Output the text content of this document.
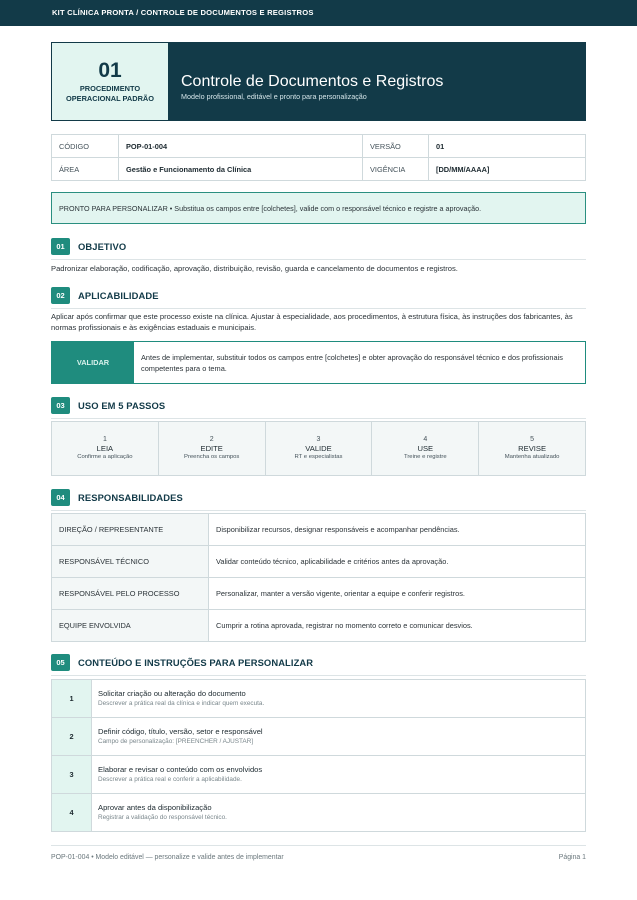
KIT CLÍNICA PRONTA / CONTROLE DE DOCUMENTOS E REGISTROS
01
PROCEDIMENTO
OPERACIONAL PADRÃO
Controle de Documentos e Registros
Modelo profissional, editável e pronto para personalização
CÓDIGO	POP-01-004	VERSÃO	01
ÁREA	Gestão e Funcionamento da Clínica	VIGÊNCIA	[DD/MM/AAAA]
PRONTO PARA PERSONALIZAR • Substitua os campos entre [colchetes], valide com o responsável técnico e registre a aprovação.
01	OBJETIVO
Padronizar elaboração, codificação, aprovação, distribuição, revisão, guarda e cancelamento de documentos e registros.
02	APLICABILIDADE
Aplicar após confirmar que este processo existe na clínica. Ajustar à especialidade, aos procedimentos, à estrutura física, às instruções dos fabricantes, às normas profissionais e às exigências estaduais e municipais.
VALIDAR
Antes de implementar, substituir todos os campos entre [colchetes] e obter aprovação do responsável técnico e dos profissionais competentes para o tema.
03	USO EM 5 PASSOS
1
LEIA
Confirme a aplicação
2
EDITE
Preencha os campos
3
VALIDE
RT e especialistas
4
USE
Treine e registre
5
REVISE
Mantenha atualizado
04	RESPONSABILIDADES
DIREÇÃO / REPRESENTANTE	Disponibilizar recursos, designar responsáveis e acompanhar pendências.
RESPONSÁVEL TÉCNICO	Validar conteúdo técnico, aplicabilidade e critérios antes da aprovação.
RESPONSÁVEL PELO PROCESSO	Personalizar, manter a versão vigente, orientar a equipe e conferir registros.
EQUIPE ENVOLVIDA	Cumprir a rotina aprovada, registrar no momento correto e comunicar desvios.
05	CONTEÚDO E INSTRUÇÕES PARA PERSONALIZAR
1	Solicitar criação ou alteração do documento
Descrever a prática real da clínica e indicar quem executa.

2	Definir código, título, versão, setor e responsável
Campo de personalização: [PREENCHER / AJUSTAR]

3	Elaborar e revisar o conteúdo com os envolvidos
Descrever a prática real e conferir a aplicabilidade.

4	Aprovar antes da disponibilização
Registrar a validação do responsável técnico.
POP-01-004 • Modelo editável — personalize e valide antes de implementar	Página 1
